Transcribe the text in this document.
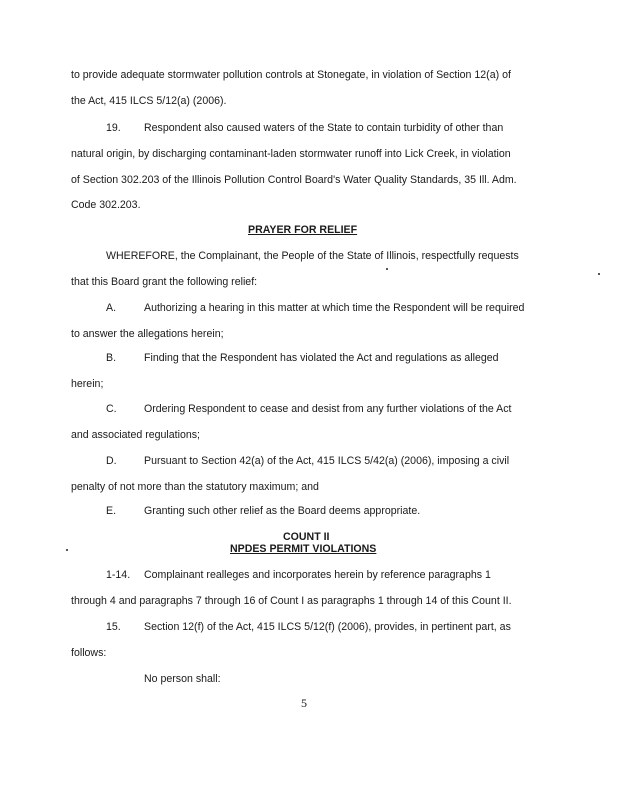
to provide adequate stormwater pollution controls at Stonegate, in violation of Section 12(a) of
the Act, 415 ILCS 5/12(a) (2006).
19. Respondent also caused waters of the State to contain turbidity of other than
natural origin, by discharging contaminant-laden stormwater runoff into Lick Creek, in violation
of Section 302.203 of the Illinois Pollution Control Board's Water Quality Standards, 35 Ill. Adm.
Code 302.203.
PRAYER FOR RELIEF
WHEREFORE, the Complainant, the People of the State of Illinois, respectfully requests
that this Board grant the following relief:
A.	Authorizing a hearing in this matter at which time the Respondent will be required
to answer the allegations herein;
B.	Finding that the Respondent has violated the Act and regulations as alleged
herein;
C.	Ordering Respondent to cease and desist from any further violations of the Act
and associated regulations;
D.	Pursuant to Section 42(a) of the Act, 415 ILCS 5/42(a) (2006), imposing a civil
penalty of not more than the statutory maximum; and
E.	Granting such other relief as the Board deems appropriate.
COUNT II
NPDES PERMIT VIOLATIONS
1-14. Complainant realleges and incorporates herein by reference paragraphs 1
through 4 and paragraphs 7 through 16 of Count I as paragraphs 1 through 14 of this Count II.
15. Section 12(f) of the Act, 415 ILCS 5/12(f) (2006), provides, in pertinent part, as
follows:
No person shall:
5
